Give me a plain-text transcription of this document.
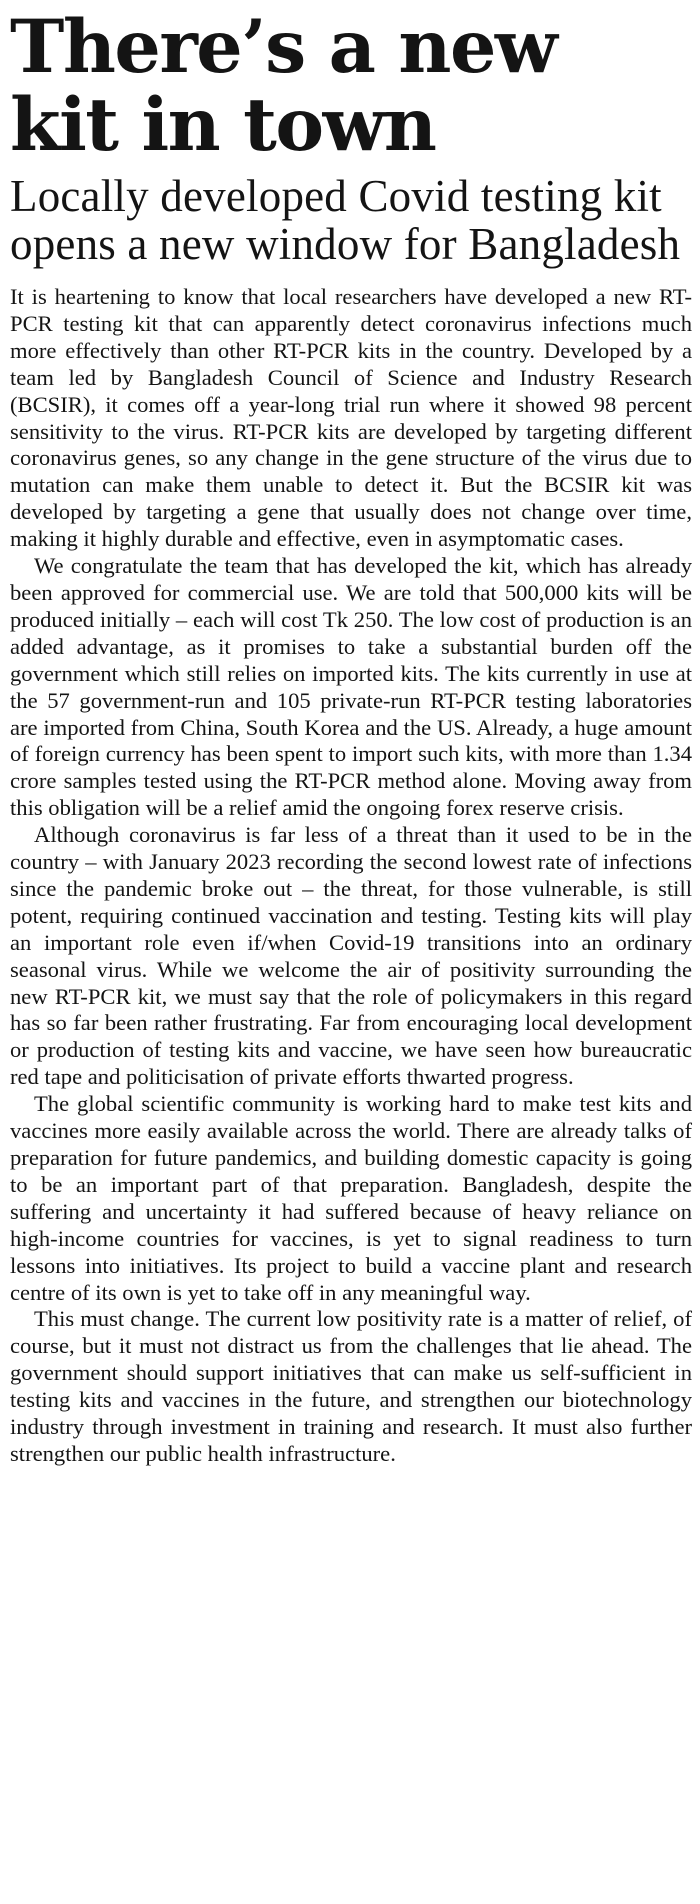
There’s a new kit in town
Locally developed Covid testing kit opens a new window for Bangladesh

It is heartening to know that local researchers have developed a new RT-PCR testing kit that can apparently detect coronavirus infections much more effectively than other RT-PCR kits in the country. Developed by a team led by Bangladesh Council of Science and Industry Research (BCSIR), it comes off a year-long trial run where it showed 98 percent sensitivity to the virus. RT-PCR kits are developed by targeting different coronavirus genes, so any change in the gene structure of the virus due to mutation can make them unable to detect it. But the BCSIR kit was developed by targeting a gene that usually does not change over time, making it highly durable and effective, even in asymptomatic cases.

We congratulate the team that has developed the kit, which has already been approved for commercial use. We are told that 500,000 kits will be produced initially – each will cost Tk 250. The low cost of production is an added advantage, as it promises to take a substantial burden off the government which still relies on imported kits. The kits currently in use at the 57 government-run and 105 private-run RT-PCR testing laboratories are imported from China, South Korea and the US. Already, a huge amount of foreign currency has been spent to import such kits, with more than 1.34 crore samples tested using the RT-PCR method alone. Moving away from this obligation will be a relief amid the ongoing forex reserve crisis.

Although coronavirus is far less of a threat than it used to be in the country – with January 2023 recording the second lowest rate of infections since the pandemic broke out – the threat, for those vulnerable, is still potent, requiring continued vaccination and testing. Testing kits will play an important role even if/when Covid-19 transitions into an ordinary seasonal virus. While we welcome the air of positivity surrounding the new RT-PCR kit, we must say that the role of policymakers in this regard has so far been rather frustrating. Far from encouraging local development or production of testing kits and vaccine, we have seen how bureaucratic red tape and politicisation of private efforts thwarted progress.

The global scientific community is working hard to make test kits and vaccines more easily available across the world. There are already talks of preparation for future pandemics, and building domestic capacity is going to be an important part of that preparation. Bangladesh, despite the suffering and uncertainty it had suffered because of heavy reliance on high-income countries for vaccines, is yet to signal readiness to turn lessons into initiatives. Its project to build a vaccine plant and research centre of its own is yet to take off in any meaningful way.

This must change. The current low positivity rate is a matter of relief, of course, but it must not distract us from the challenges that lie ahead. The government should support initiatives that can make us self-sufficient in testing kits and vaccines in the future, and strengthen our biotechnology industry through investment in training and research. It must also further strengthen our public health infrastructure.
